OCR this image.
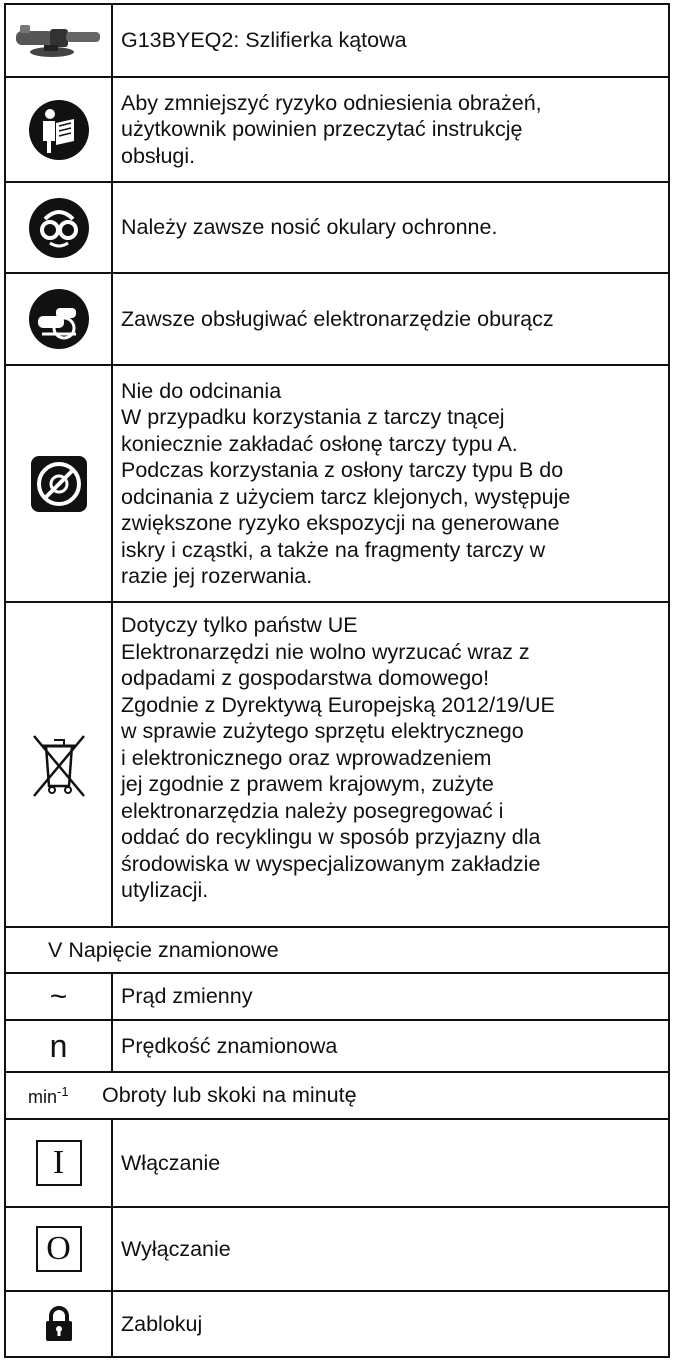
G13BYEQ2: Szlifierka kątowa
Aby zmniejszyć ryzyko odniesienia obrażeń,
użytkownik powinien przeczytać instrukcję
obsługi.
Należy zawsze nosić okulary ochronne.
Zawsze obsługiwać elektronarzędzie oburącz
Nie do odcinania
W przypadku korzystania z tarczy tnącej
koniecznie zakładać osłonę tarczy typu A.
Podczas korzystania z osłony tarczy typu B do
odcinania z użyciem tarcz klejonych, występuje
zwiększone ryzyko ekspozycji na generowane
iskry i cząstki, a także na fragmenty tarczy w
razie jej rozerwania.
Dotyczy tylko państw UE
Elektronarzędzi nie wolno wyrzucać wraz z
odpadami z gospodarstwa domowego!
Zgodnie z Dyrektywą Europejską 2012/19/UE
w sprawie zużytego sprzętu elektrycznego
i elektronicznego oraz wprowadzeniem
jej zgodnie z prawem krajowym, zużyte
elektronarzędzia należy posegregować i
oddać do recyklingu w sposób przyjazny dla
środowiska w wyspecjalizowanym zakładzie
utylizacji.
V Napięcie znamionowe
~ Prąd zmienny
n Prędkość znamionowa
$\min^{-1}$ Obroty lub skoki na minutę
I	Włączanie
O Wyłączanie
Zablokuj
